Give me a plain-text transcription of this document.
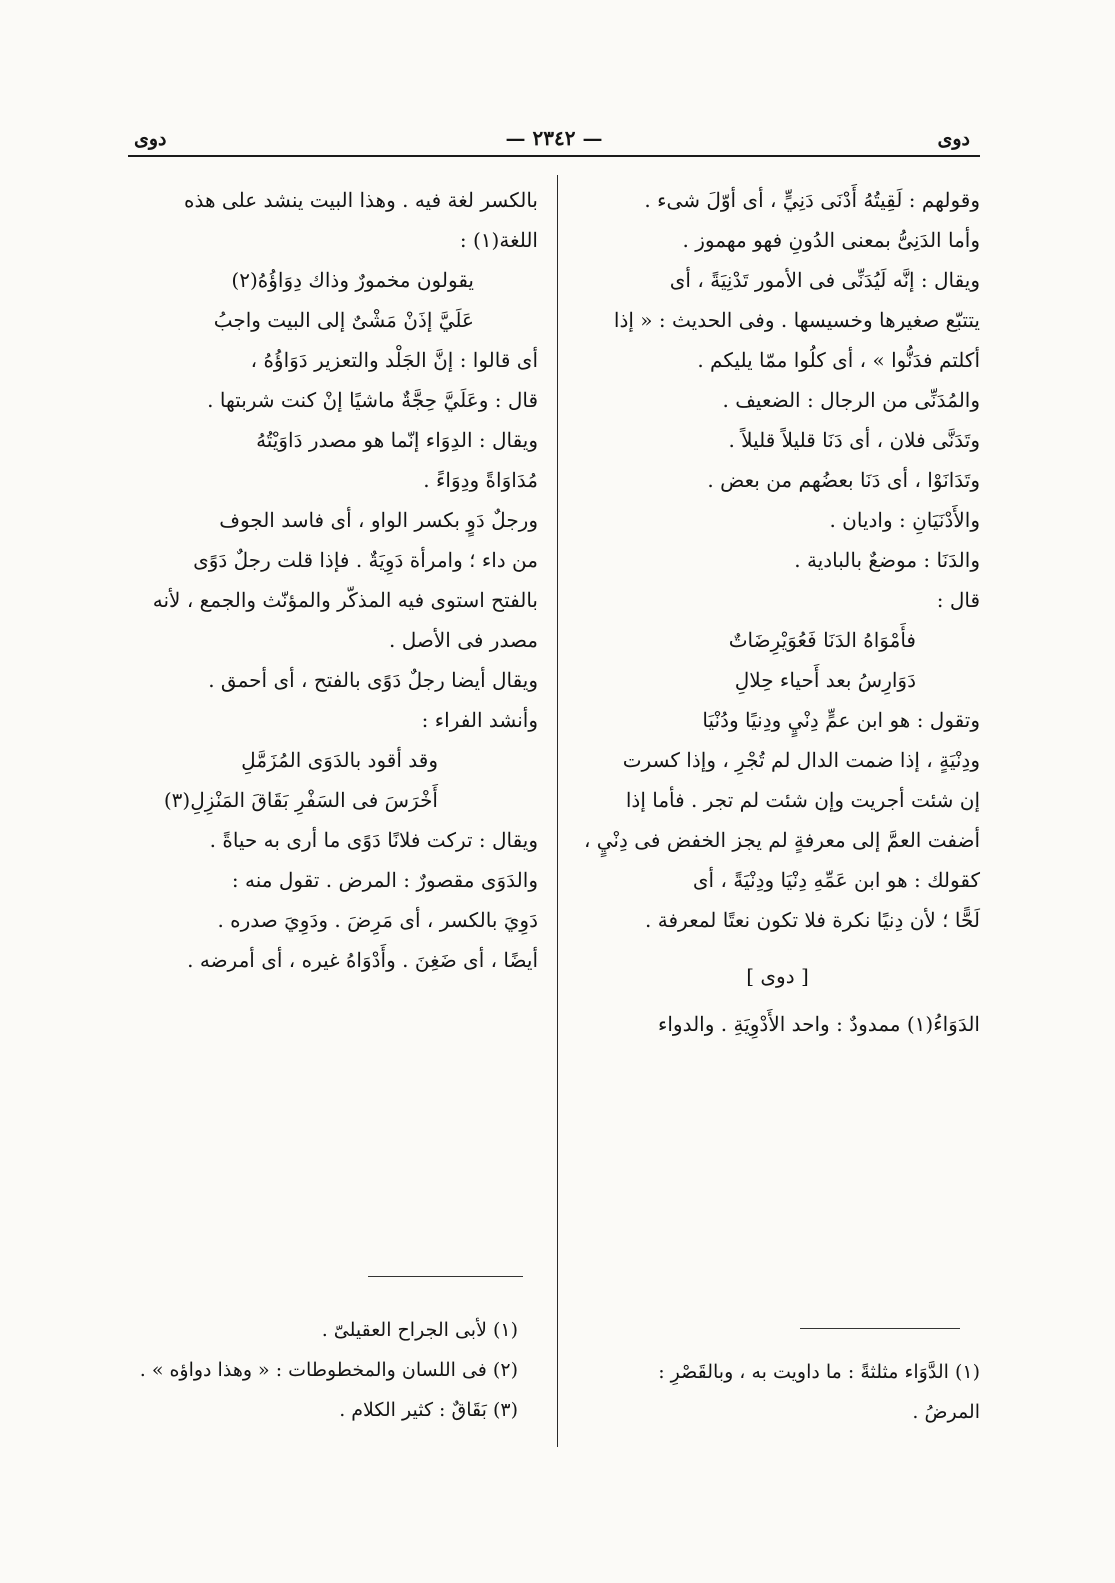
دوى
— ٢٣٤٢ —
دوى

وقولهم : لَقِيتُهُ أَدْنَى دَنِيٍّ ، أى أوّلَ شىء .

وأما الدَنِىُّ بمعنى الدُونِ فهو مهموز .

ويقال : إنَّه لَيُدَنِّى فى الأمور تَدْنِيَةً ، أى

يتتبّع صغيرها وخسيسها . وفى الحديث : « إذا

أكلتم فدَنُّوا » ، أى كلُوا ممّا يليكم .

والمُدَنِّى من الرجال : الضعيف .

وتَدَنَّى فلان ، أى دَنَا قليلاً قليلاً .

وتَدَانَوْا ، أى دَنَا بعضُهم من بعض .

والأَدْنَيَانِ : واديان .

والدَنَا : موضعٌ بالبادية .

قال :

فأَمْوَاهُ الدَنَا فَعُوَيْرِضَاتٌ

دَوَارِسُ بعد أَحياء حِلالِ

وتقول : هو ابن عمٍّ دِنْيٍ ودِنيًا ودُنْيَا

ودِنْيَةٍ ، إذا ضمت الدال لم تُجْرِ ، وإذا كسرت

إن شئت أجريت وإن شئت لم تجر . فأما إذا

أضفت العمَّ إلى معرفةٍ لم يجز الخفض فى دِنْيٍ ،

كقولك : هو ابن عَمِّهِ دِنْيَا ودِنْيَةً ، أى

لَحًّا ؛ لأن دِنيًا نكرة فلا تكون نعتًا لمعرفة .

[ دوى ]

الدَوَاءُ(١) ممدودٌ : واحد الأَدْوِيَةِ . والدواء

بالكسر لغة فيه . وهذا البيت ينشد على هذه

اللغة(١) :

يقولون مخمورٌ وذاك دِوَاؤُهُ(٢)

عَلَيَّ إذَنْ مَشْىٌ إلى البيت واجبُ

أى قالوا : إنَّ الجَلْد والتعزير دَوَاؤُهُ ،

قال : وعَلَيَّ حِجَّةٌ ماشيًا إنْ كنت شربتها .

ويقال : الدِوَاء إنّما هو مصدر دَاوَيْتُهُ

مُدَاوَاةً ودِوَاءً .

ورجلٌ دَوٍ بكسر الواو ، أى فاسد الجوف

من داء ؛ وامرأة دَوِيَةٌ . فإذا قلت رجلٌ دَوًى

بالفتح استوى فيه المذكّر والمؤنّث والجمع ، لأنه

مصدر فى الأصل .

ويقال أيضا رجلٌ دَوًى بالفتح ، أى أحمق .

وأنشد الفراء :

وقد أقود بالدَوَى المُزَمَّلِ

أَخْرَسَ فى السَفْرِ بَقَاقَ المَنْزِلِ(٣)

ويقال : تركت فلانًا دَوًى ما أرى به حياةً .

والدَوَى مقصورٌ : المرض . تقول منه :

دَوِيَ بالكسر ، أى مَرِضَ . ودَوِيَ صدره .

أيضًا ، أى ضَغِنَ . وأَدْوَاهُ غيره ، أى أمرضه .

(١) لأبى الجراح العقيلىّ .

(٢) فى اللسان والمخطوطات : « وهذا دواؤه » .

(٣) بَقَاقٌ : كثير الكلام .

(١) الدَّوَاء مثلثةً : ما داويت به ، وبالقَصْرِ :

المرضُ .
